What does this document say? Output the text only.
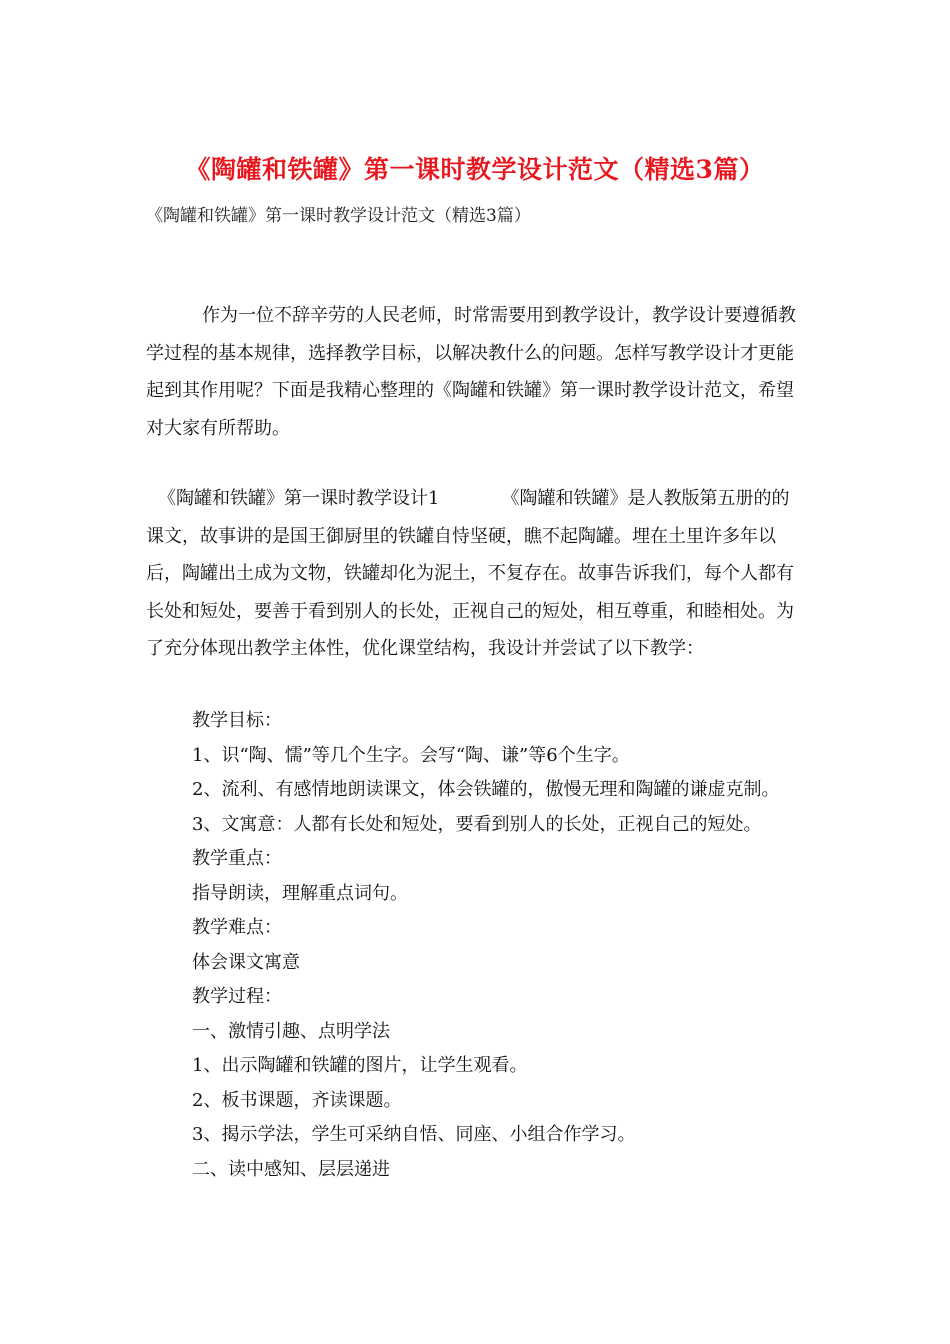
《陶罐和铁罐》第一课时教学设计范文（精选3篇）
《陶罐和铁罐》第一课时教学设计范文（精选3篇）

作为一位不辞辛劳的人民老师，时常需要用到教学设计，教学设计要遵循教学过程的基本规律，选择教学目标，以解决教什么的问题。怎样写教学设计才更能起到其作用呢？下面是我精心整理的《陶罐和铁罐》第一课时教学设计范文，希望对大家有所帮助。

《陶罐和铁罐》第一课时教学设计1	《陶罐和铁罐》是人教版第五册的的课文，故事讲的是国王御厨里的铁罐自恃坚硬，瞧不起陶罐。埋在土里许多年以后，陶罐出土成为文物，铁罐却化为泥土，不复存在。故事告诉我们，每个人都有长处和短处，要善于看到别人的长处，正视自己的短处，相互尊重，和睦相处。为了充分体现出教学主体性，优化课堂结构，我设计并尝试了以下教学：

教学目标：
1、识“陶、懦”等几个生字。会写“陶、谦”等6个生字。
2、流利、有感情地朗读课文，体会铁罐的，傲慢无理和陶罐的谦虚克制。
3、文寓意：人都有长处和短处，要看到别人的长处，正视自己的短处。
教学重点：
指导朗读，理解重点词句。
教学难点：
体会课文寓意
教学过程：
一、激情引趣、点明学法
1、出示陶罐和铁罐的图片，让学生观看。
2、板书课题，齐读课题。
3、揭示学法，学生可采纳自悟、同座、小组合作学习。
二、读中感知、层层递进
